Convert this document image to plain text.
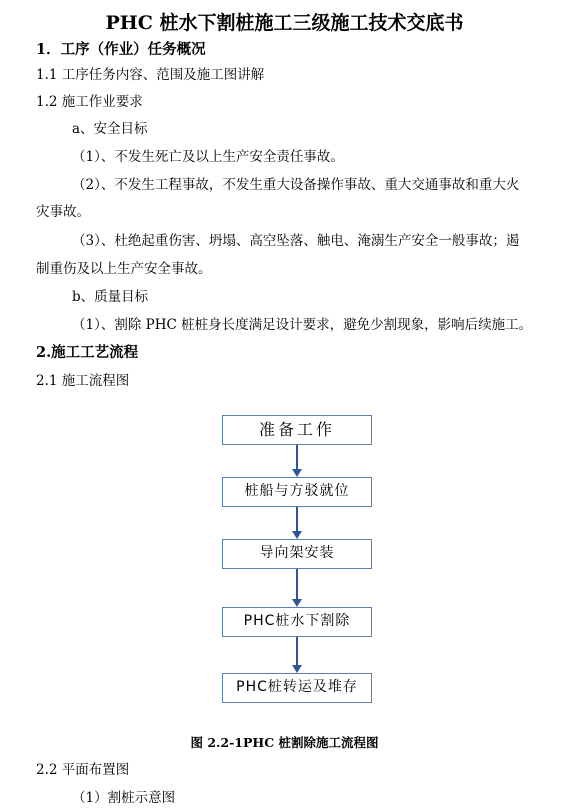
PHC 桩水下割桩施工三级施工技术交底书
1．工序（作业）任务概况
1.1 工序任务内容、范围及施工图讲解
1.2 施工作业要求
a、安全目标
（1）、不发生死亡及以上生产安全责任事故。
（2）、不发生工程事故，不发生重大设备操作事故、重大交通事故和重大火
灾事故。
（3）、杜绝起重伤害、坍塌、高空坠落、触电、淹溺生产安全一般事故；遏
制重伤及以上生产安全事故。
b、质量目标
（1）、割除 PHC 桩桩身长度满足设计要求，避免少割现象，影响后续施工。
2.施工工艺流程
2.1 施工流程图
准备工作
桩船与方驳就位
导向架安装
PHC桩水下割除
PHC桩转运及堆存
图 2.2-1PHC 桩割除施工流程图
2.2 平面布置图
（1）割桩示意图
